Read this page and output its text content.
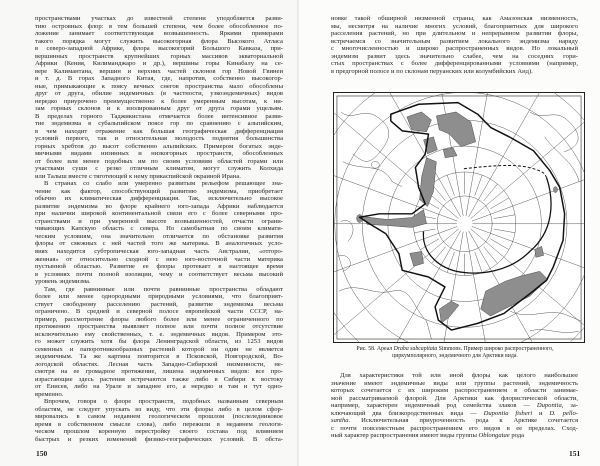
пространствами участках до известной степени уподобляется разви-
тию островных флор: в тем большей степени, чем более обособленное по-
ложение занимает соответствующая возвышенность. Яркими примерами
такого порядка могут служить высокогорная флора Высокого Атласа
в северо-западной Африке, флора высокогорий Большого Кавказа, при-
вершинных пространств крупнейших горных массивов экваториальной
Африки (Кения, Килиманджаро и др.), вершины горы Кинабалу на се-
вере Калимантана, вершин и верхних частей склонов гор Новой Гвинеи
и т. д. В горах Западного Китая, где, напротив, собственно высокогор-
ные, примыкающие к поясу вечных снегов пространства мало обособлены
друг от друга, обилие эндемичных (в частности, узкоэндемичных) видов
нередко приурочено преимущественно к более умеренным высотам, к ни-
зам горных склонов и к изолированным друг от друга горами ущельям.
В пределах горного Таджикистана отмечается более интенсивное разви-
тие эндемизма в субальпийском поясе гор по сравнению с альпийским,
в чем находит отражение как большая географическая дифференциация
условий первого, так и относительная молодость поднятия большинства
горных хребтов до высот собственно альпийских. Примером богатых энде-
мичными видами низинных и низкогорных пространств, обособленных
от более или менее подобных им по своим условиям областей горами или
участками суши с резко отличным климатом, могут служить Колхида
или Талыш вместе с тяготеющей к нему прикаспийской окраиной Ирана.
В странах со слабо или умеренно развитым рельефом решающее зна-
чение как фактор, способствующий развитию эндемизма, приобретает
обычно их климатическая дифференциация. Так, исключительно высокое
развитие эндемизма во флоре крайнего юго-запада Африки наблюдается
при наличии широкой континентальной связи его с более северными про-
странствами и при умеренной высоте возвышенностей, отчасти ограни-
чивающих Капскую область с севера. Но самобытная по своим климати-
ческим условиям, она значительно отличается по обстановке развития
флоры от смежных с ней частей того же материка. В аналогичных усло-
виях находится субтропическая юго-западная часть Австралии, «отгоро-
женная» от относительно сходной с нею юго-восточной части материка
пустынной областью. Развитие ее флоры протекает в настоящее время
в условиях почти полной изоляции, чему и соответствует весьма высокий
уровень эндемизма.
Там, где равнинные или почти равнинные пространства обладают
более или менее однородными природными условиями, что благоприят-
ствует свободному расселению растений, развитие эндемизма весьма
ограничено. В средней и северной полосе европейской части СССР, на-
пример, рассмотрение флоры любого более или менее ограниченного по
протяжению пространства выявляет полное или почти полное отсутствие
исключительно ему свойственных, т. е. эндемичных видов. Примером это-
го может служить хотя бы флора Ленинградской области, из 1253 видов
семенных и папоротникообразных растений которой ни один не является
эндемичным. Та же картина повторится в Псковской, Новгородской, Во-
логодской областях. Лесная часть Западно-Сибирской низменности, не-
смотря на ее громадное протяжение, лишена эндемичных видов: все про-
израстающие здесь растения встречаются также либо в Сибири к востоку
от Енисея, либо на Урале и западнее его, а нередко и там и тут одно-
временно.
Впрочем, говоря о флоре пространств, подобных названным северным
областям, не следует упускать из виду, что эти флоры либо в целом сфор-
мировались в самом недавнем геологическом прошлом (послеледниковое
время в собственном смысле слова), либо пережили в недавнем геологи-
ческом прошлом коренную перестройку своего состава под влиянием
быстрых и резких изменений физико-географических условий. В обста-
150
новке такой обширной низменной страны, как Амазонская низменность,
мы, несмотря на наличие многих условий, благоприятных для широкого
расселения растений, но при длительном и непрерывном развитии флоры,
встречаемся со значительным развитием локального эндемизма наряду
с многочисленностью и широко распространенных видов. Но локальный
эндемизм развит здесь значительно слабее, чем на соседних гори-
стых пространствах с более дифференцированными условиями (например,
в предгорной полосе и по склонам перуанских или колумбийских Анд).
Рис. 58. Ареал Draba subcapitata Simmons. Пример широко распространенного, циркумполярного, эндемичного для Арктики вида.
Для характеристики той или иной флоры как целого наибольшее
значение имеют эндемичные виды или группы растений, эндемичность
которых сочетается с их широким распространением в области занимае-
мой рассматриваемой флорой. Для Арктики как флористической области,
например, характерен эндемичный род семейства злаков — Dupontia, за-
ключающий два близкородственных вида — Dupontia fisheri и D. pello-
santha. Исключительная приуроченность рода к Арктике сочетается
с почти повсеместным распространением его видов в ее пределах. Сход-
ный характер распространения имеют виды группы Oblongatae рода
151
